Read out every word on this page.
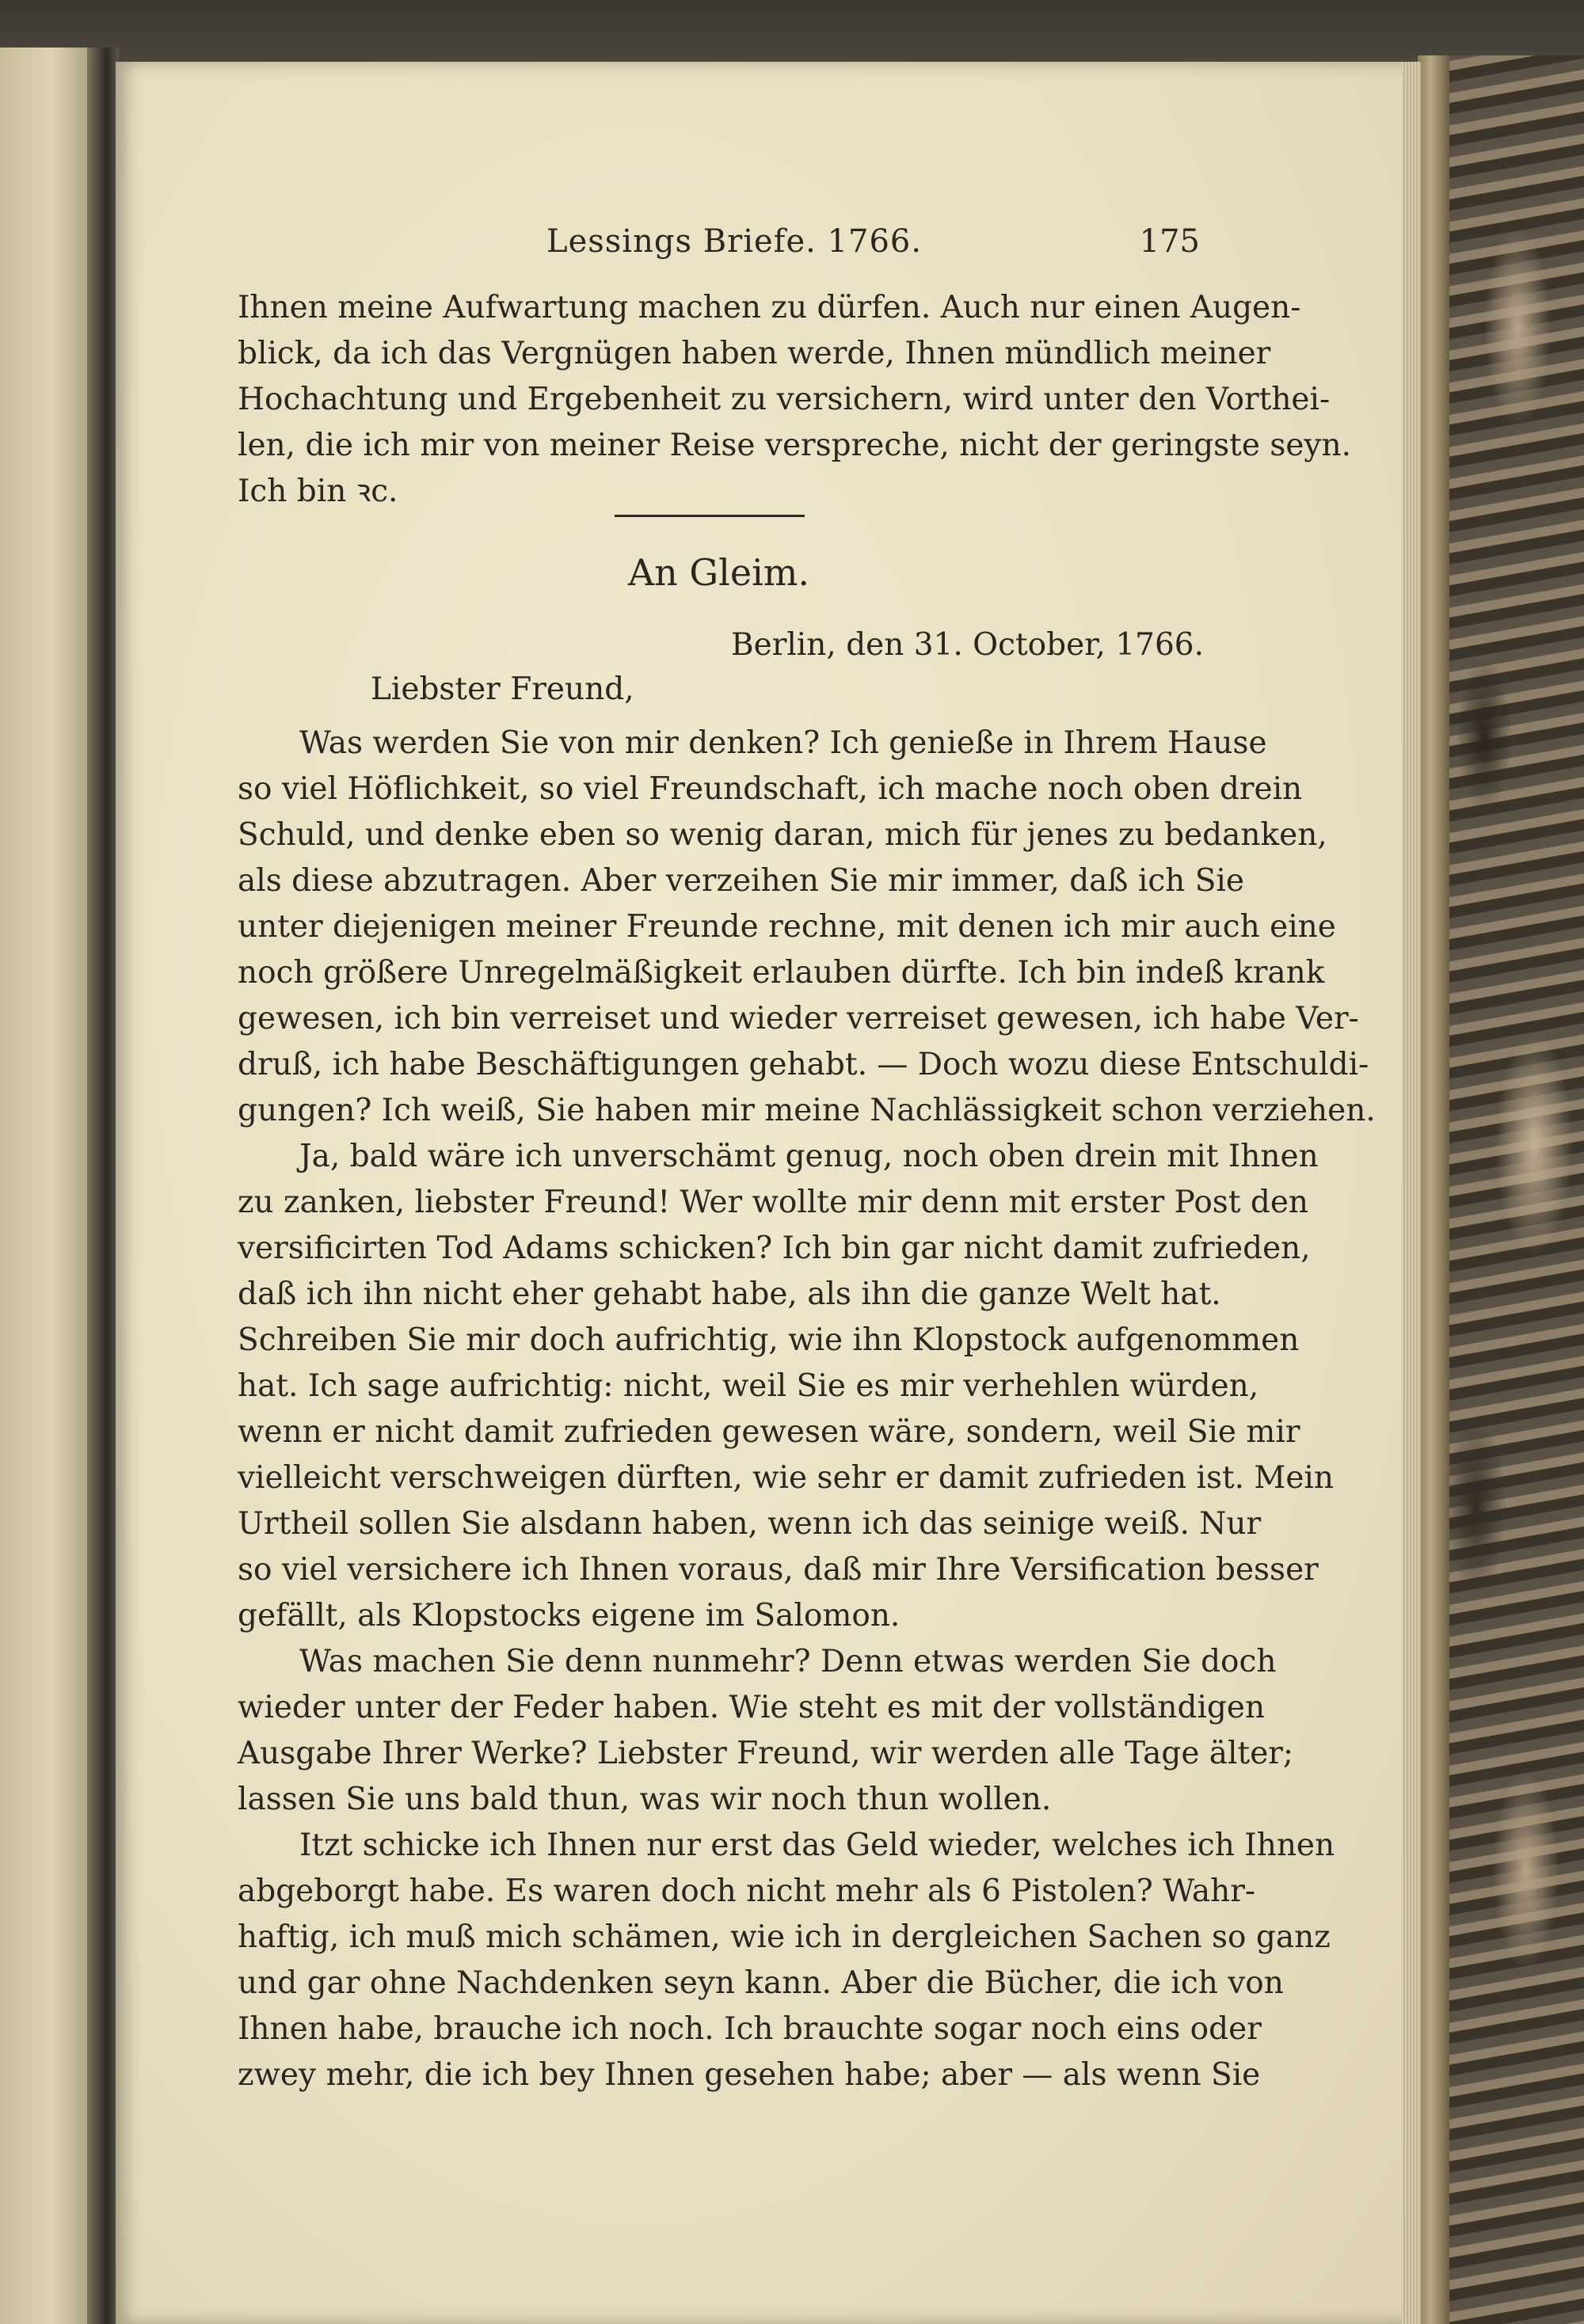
Lessings Briefe. 1766.	175
Ihnen meine Aufwartung machen zu dürfen. Auch nur einen Augen-
blick, da ich das Vergnügen haben werde, Ihnen mündlich meiner
Hochachtung und Ergebenheit zu versichern, wird unter den Vorthei-
len, die ich mir von meiner Reise verspreche, nicht der geringste seyn.
Ich bin ꝛc.
An Gleim.
Berlin, den 31. October, 1766.
Liebster Freund,
Was werden Sie von mir denken? Ich genieße in Ihrem Hause
so viel Höflichkeit, so viel Freundschaft, ich mache noch oben drein
Schuld, und denke eben so wenig daran, mich für jenes zu bedanken,
als diese abzutragen. Aber verzeihen Sie mir immer, daß ich Sie
unter diejenigen meiner Freunde rechne, mit denen ich mir auch eine
noch größere Unregelmäßigkeit erlauben dürfte. Ich bin indeß krank
gewesen, ich bin verreiset und wieder verreiset gewesen, ich habe Ver-
druß, ich habe Beschäftigungen gehabt. — Doch wozu diese Entschuldi-
gungen? Ich weiß, Sie haben mir meine Nachlässigkeit schon verziehen.
Ja, bald wäre ich unverschämt genug, noch oben drein mit Ihnen
zu zanken, liebster Freund! Wer wollte mir denn mit erster Post den
versificirten Tod Adams schicken? Ich bin gar nicht damit zufrieden,
daß ich ihn nicht eher gehabt habe, als ihn die ganze Welt hat.
Schreiben Sie mir doch aufrichtig, wie ihn Klopstock aufgenommen
hat. Ich sage aufrichtig: nicht, weil Sie es mir verhehlen würden,
wenn er nicht damit zufrieden gewesen wäre, sondern, weil Sie mir
vielleicht verschweigen dürften, wie sehr er damit zufrieden ist. Mein
Urtheil sollen Sie alsdann haben, wenn ich das seinige weiß. Nur
so viel versichere ich Ihnen voraus, daß mir Ihre Versification besser
gefällt, als Klopstocks eigene im Salomon.
Was machen Sie denn nunmehr? Denn etwas werden Sie doch
wieder unter der Feder haben. Wie steht es mit der vollständigen
Ausgabe Ihrer Werke? Liebster Freund, wir werden alle Tage älter;
lassen Sie uns bald thun, was wir noch thun wollen.
Itzt schicke ich Ihnen nur erst das Geld wieder, welches ich Ihnen
abgeborgt habe. Es waren doch nicht mehr als 6 Pistolen? Wahr-
haftig, ich muß mich schämen, wie ich in dergleichen Sachen so ganz
und gar ohne Nachdenken seyn kann. Aber die Bücher, die ich von
Ihnen habe, brauche ich noch. Ich brauchte sogar noch eins oder
zwey mehr, die ich bey Ihnen gesehen habe; aber — als wenn Sie
